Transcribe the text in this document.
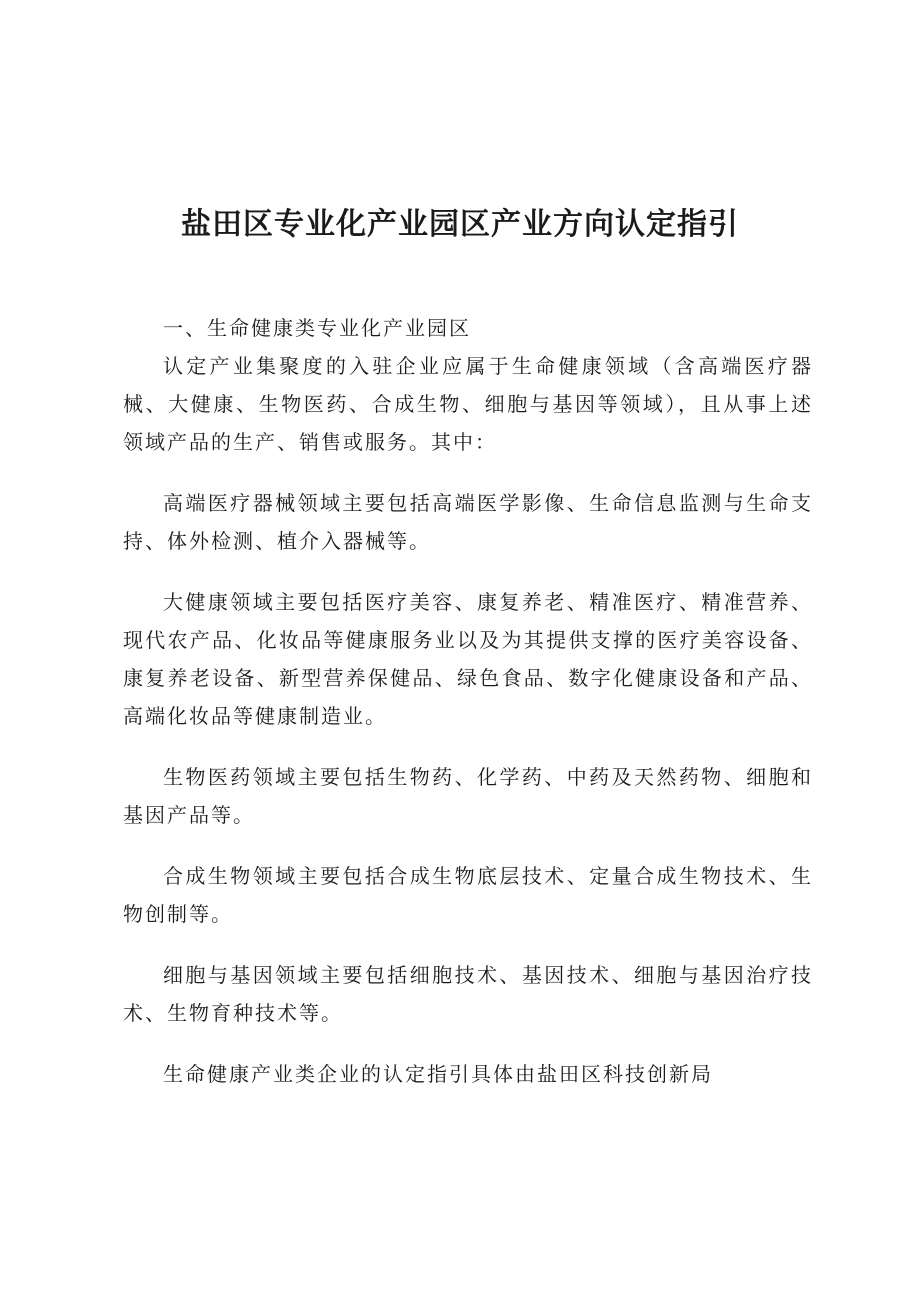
盐田区专业化产业园区产业方向认定指引

一、生命健康类专业化产业园区

认定产业集聚度的入驻企业应属于生命健康领域（含高端医疗器械、大健康、生物医药、合成生物、细胞与基因等领域），且从事上述领域产品的生产、销售或服务。其中：

高端医疗器械领域主要包括高端医学影像、生命信息监测与生命支持、体外检测、植介入器械等。

大健康领域主要包括医疗美容、康复养老、精准医疗、精准营养、现代农产品、化妆品等健康服务业以及为其提供支撑的医疗美容设备、康复养老设备、新型营养保健品、绿色食品、数字化健康设备和产品、高端化妆品等健康制造业。

生物医药领域主要包括生物药、化学药、中药及天然药物、细胞和基因产品等。

合成生物领域主要包括合成生物底层技术、定量合成生物技术、生物创制等。

细胞与基因领域主要包括细胞技术、基因技术、细胞与基因治疗技术、生物育种技术等。

生命健康产业类企业的认定指引具体由盐田区科技创新局
